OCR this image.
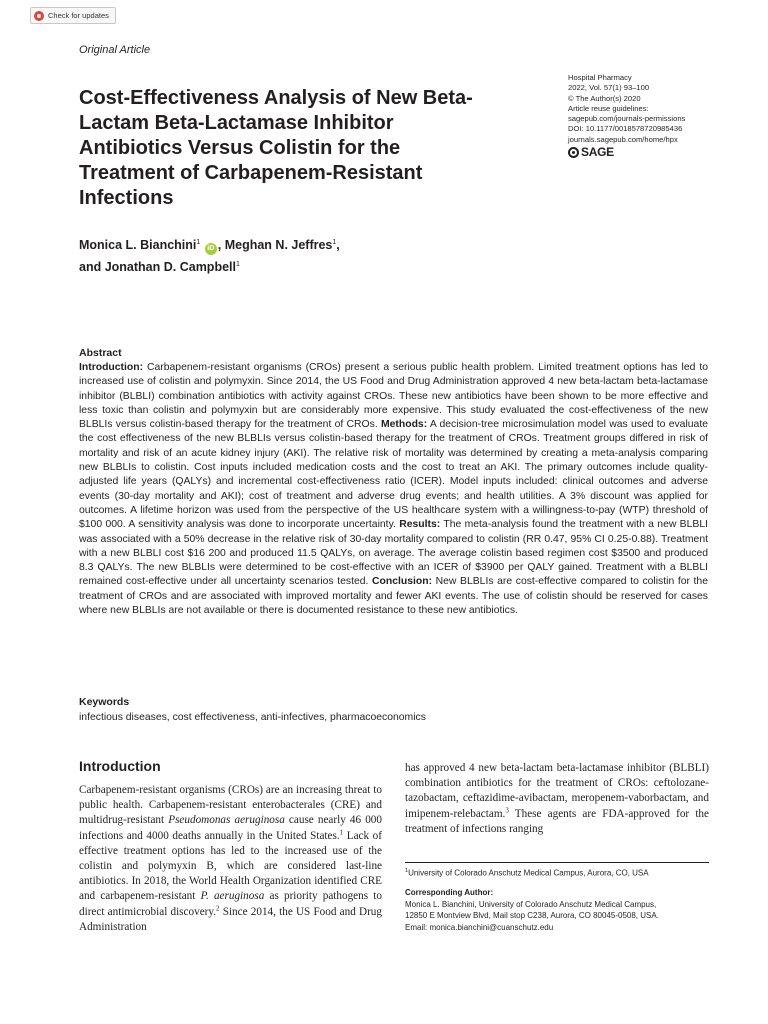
Check for updates
Original Article
Cost-Effectiveness Analysis of New Beta-Lactam Beta-Lactamase Inhibitor Antibiotics Versus Colistin for the Treatment of Carbapenem-Resistant Infections
Hospital Pharmacy
2022, Vol. 57(1) 93–100
© The Author(s) 2020
Article reuse guidelines:
sagepub.com/journals-permissions
DOI: 10.1177/0018578720985436
journals.sagepub.com/home/hpx
SAGE

Monica L. Bianchini$^1$ iD , Meghan N. Jeffres$^1$,
and Jonathan D. Campbell$^1$

Abstract

Introduction: Carbapenem-resistant organisms (CROs) present a serious public health problem. Limited treatment options has led to increased use of colistin and polymyxin. Since 2014, the US Food and Drug Administration approved 4 new beta-lactam beta-lactamase inhibitor (BLBLI) combination antibiotics with activity against CROs. These new antibiotics have been shown to be more effective and less toxic than colistin and polymyxin but are considerably more expensive. This study evaluated the cost-effectiveness of the new BLBLIs versus colistin-based therapy for the treatment of CROs. Methods: A decision-tree microsimulation model was used to evaluate the cost effectiveness of the new BLBLIs versus colistin-based therapy for the treatment of CROs. Treatment groups differed in risk of mortality and risk of an acute kidney injury (AKI). The relative risk of mortality was determined by creating a meta-analysis comparing new BLBLIs to colistin. Cost inputs included medication costs and the cost to treat an AKI. The primary outcomes include quality-adjusted life years (QALYs) and incremental cost-effectiveness ratio (ICER). Model inputs included: clinical outcomes and adverse events (30-day mortality and AKI); cost of treatment and adverse drug events; and health utilities. A 3% discount was applied for outcomes. A lifetime horizon was used from the perspective of the US healthcare system with a willingness-to-pay (WTP) threshold of $100 000. A sensitivity analysis was done to incorporate uncertainty. Results: The meta-analysis found the treatment with a new BLBLI was associated with a 50% decrease in the relative risk of 30-day mortality compared to colistin (RR 0.47, 95% CI 0.25-0.88). Treatment with a new BLBLI cost $16 200 and produced 11.5 QALYs, on average. The average colistin based regimen cost $3500 and produced 8.3 QALYs. The new BLBLIs were determined to be cost-effective with an ICER of $3900 per QALY gained. Treatment with a BLBLI remained cost-effective under all uncertainty scenarios tested. Conclusion: New BLBLIs are cost-effective compared to colistin for the treatment of CROs and are associated with improved mortality and fewer AKI events. The use of colistin should be reserved for cases where new BLBLIs are not available or there is documented resistance to these new antibiotics.

Keywords
infectious diseases, cost effectiveness, anti-infectives, pharmacoeconomics
Introduction

Carbapenem-resistant organisms (CROs) are an increasing threat to public health. Carbapenem-resistant enterobacterales (CRE) and multidrug-resistant Pseudomonas aeruginosa cause nearly 46 000 infections and 4000 deaths annually in the United States.$^1$ Lack of effective treatment options has led to the increased use of the colistin and polymyxin B, which are considered last-line antibiotics. In 2018, the World Health Organization identified CRE and carbapenem-resistant P. aeruginosa as priority pathogens to direct antimicrobial discovery.$^2$ Since 2014, the US Food and Drug Administration

has approved 4 new beta-lactam beta-lactamase inhibitor (BLBLI) combination antibiotics for the treatment of CROs: ceftolozane-tazobactam, ceftazidime-avibactam, meropenem-vaborbactam, and imipenem-relebactam.$^3$ These agents are FDA-approved for the treatment of infections ranging

$^1$University of Colorado Anschutz Medical Campus, Aurora, CO, USA
Corresponding Author:
Monica L. Bianchini, University of Colorado Anschutz Medical Campus,
12850 E Montview Blvd, Mail stop C238, Aurora, CO 80045-0508, USA.
Email: monica.bianchini@cuanschutz.edu
